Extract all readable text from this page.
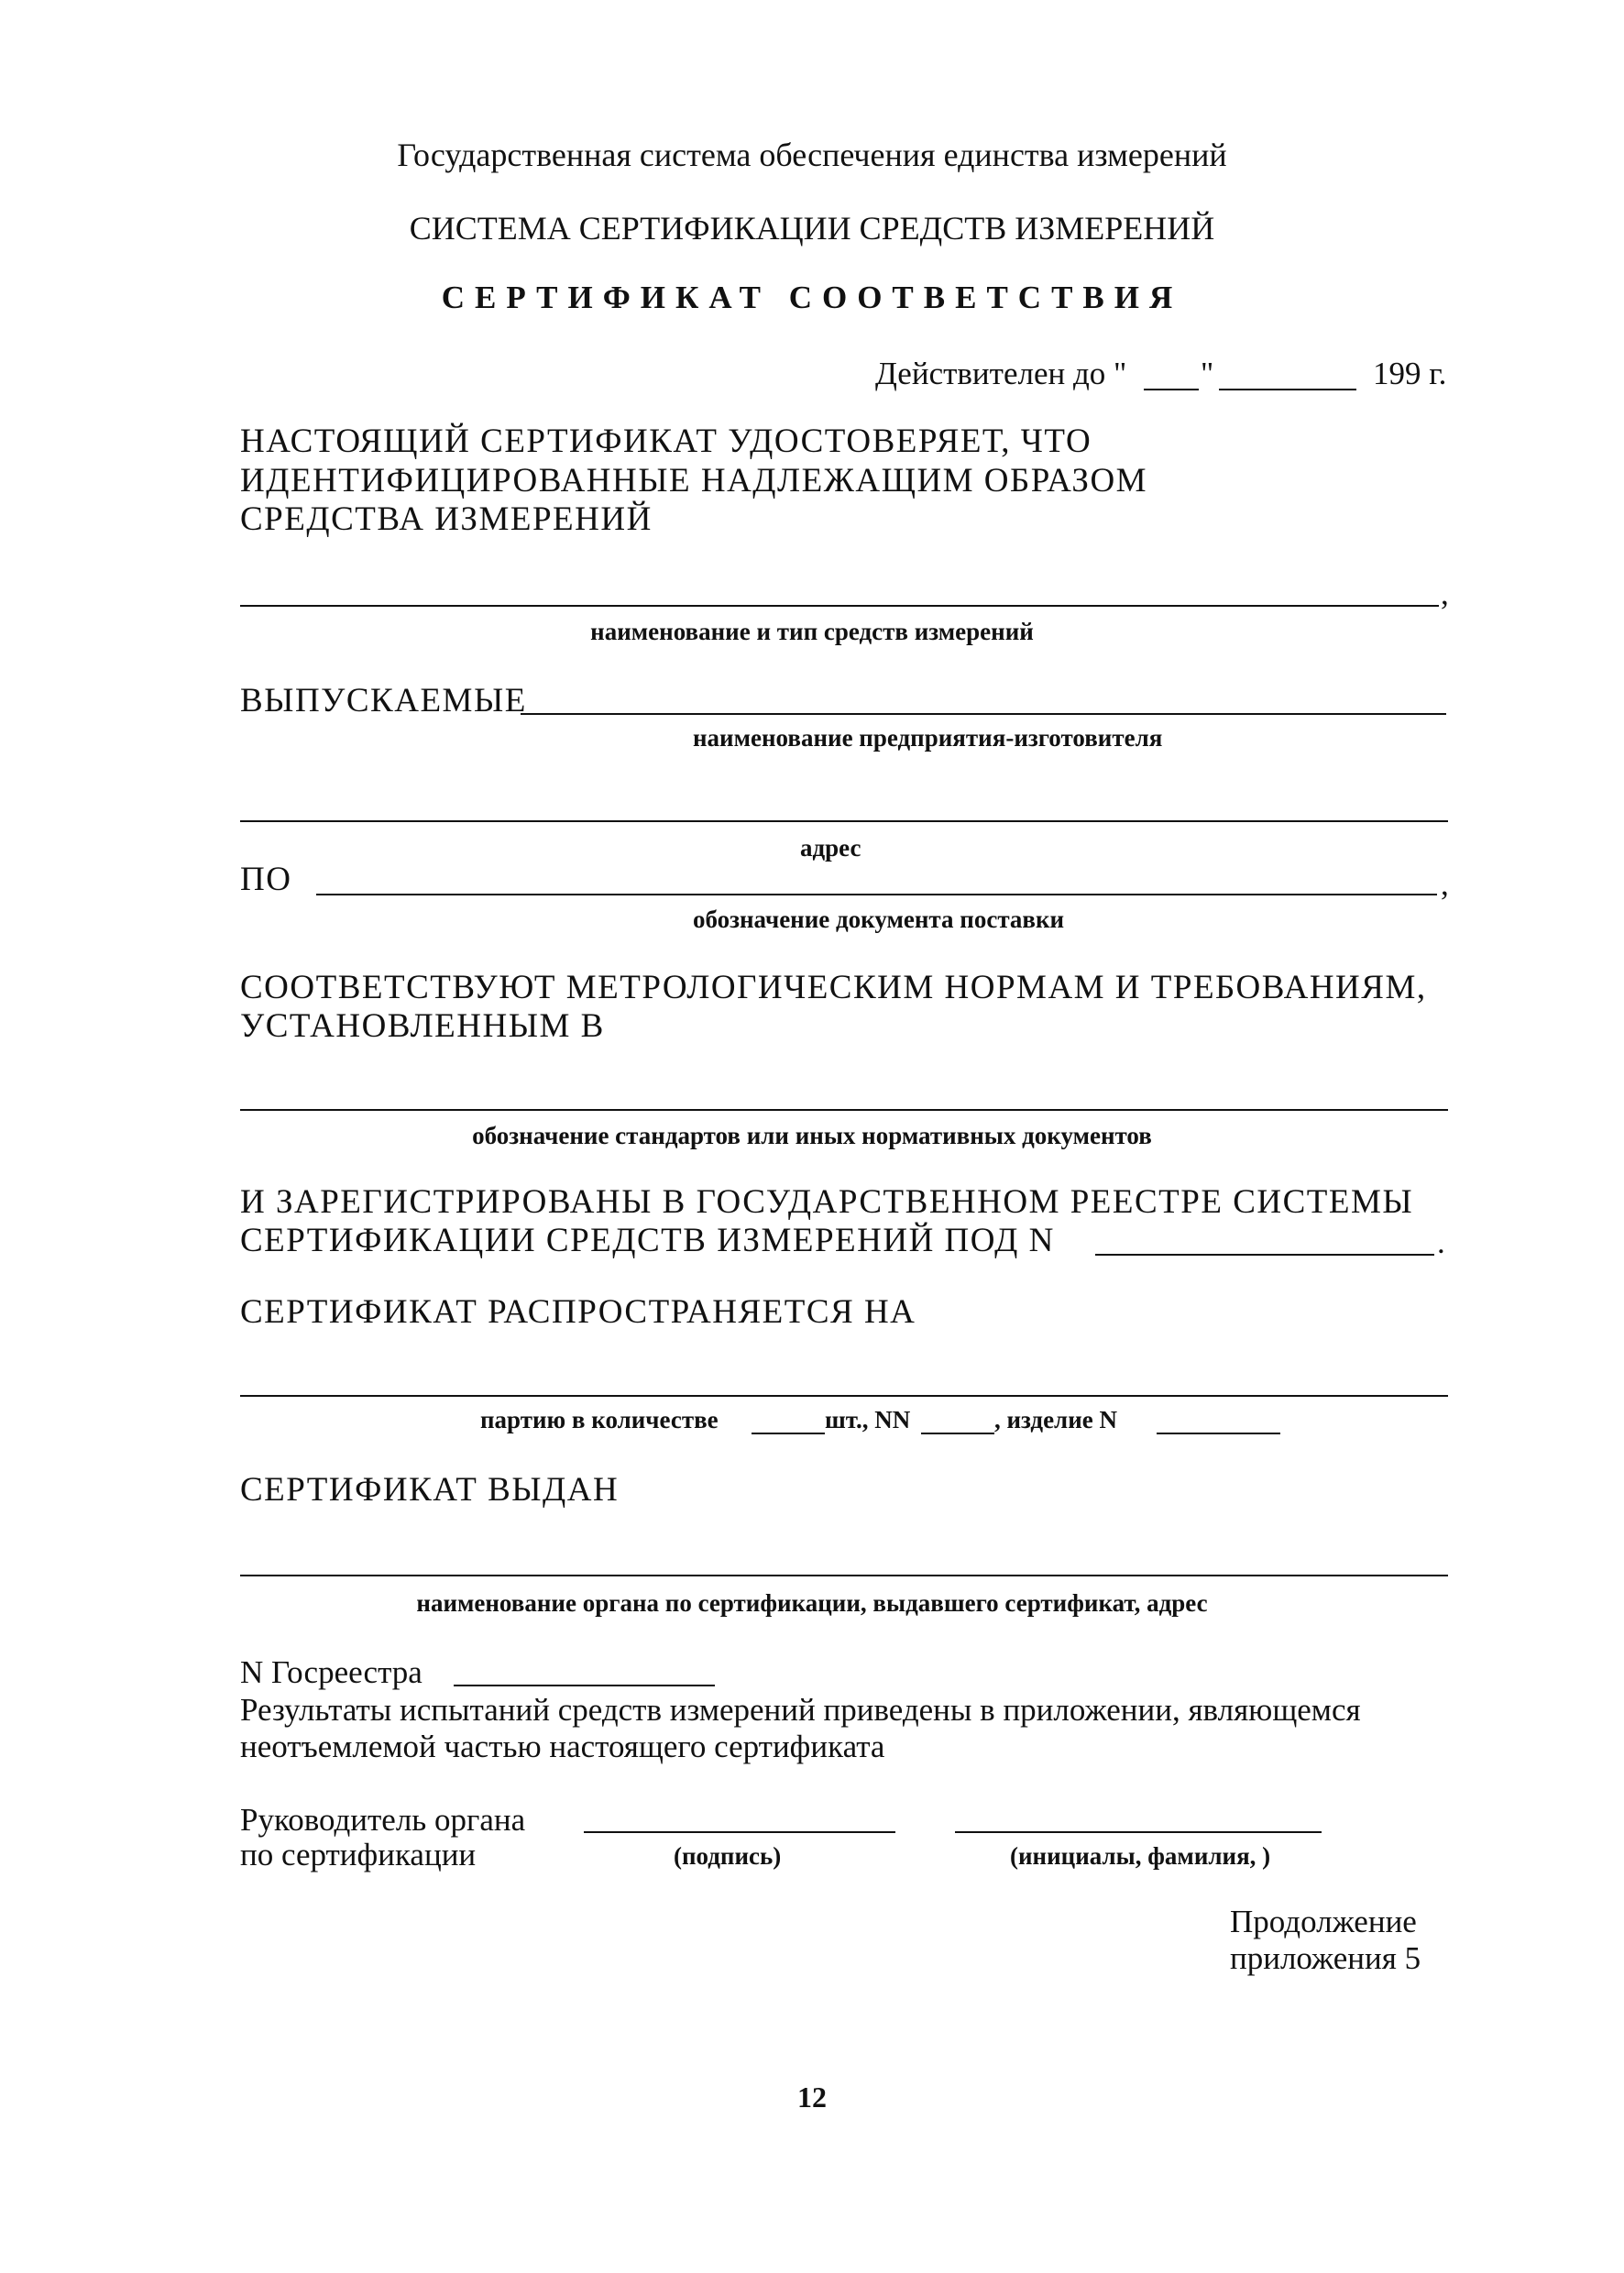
Государственная система обеспечения единства измерений
СИСТЕМА СЕРТИФИКАЦИИ СРЕДСТВ ИЗМЕРЕНИЙ
СЕРТИФИКАТ СООТВЕТСТВИЯ
Действителен до " "	199 г.
НАСТОЯЩИЙ СЕРТИФИКАТ УДОСТОВЕРЯЕТ, ЧТО
ИДЕНТИФИЦИРОВАННЫЕ НАДЛЕЖАЩИМ ОБРАЗОМ
СРЕДСТВА ИЗМЕРЕНИЙ
,
наименование и тип средств измерений
ВЫПУСКАЕМЫЕ
наименование предприятия-изготовителя
адрес
ПО	,
обозначение документа поставки
СООТВЕТСТВУЮТ МЕТРОЛОГИЧЕСКИМ НОРМАМ И ТРЕБОВАНИЯМ,
УСТАНОВЛЕННЫМ В
обозначение стандартов или иных нормативных документов
И ЗАРЕГИСТРИРОВАНЫ В ГОСУДАРСТВЕННОМ РЕЕСТРЕ СИСТЕМЫ
СЕРТИФИКАЦИИ СРЕДСТВ ИЗМЕРЕНИЙ ПОД N	.
СЕРТИФИКАТ РАСПРОСТРАНЯЕТСЯ НА
партию в количестве	шт., NN	, изделие N
СЕРТИФИКАТ ВЫДАН
наименование органа по сертификации, выдавшего сертификат, адрес
N Госреестра
Результаты испытаний средств измерений приведены в приложении, являющемся
неотъемлемой частью настоящего сертификата
Руководитель органа
по сертификации	(подпись)	(инициалы, фамилия, )
Продолжение
приложения 5
12
